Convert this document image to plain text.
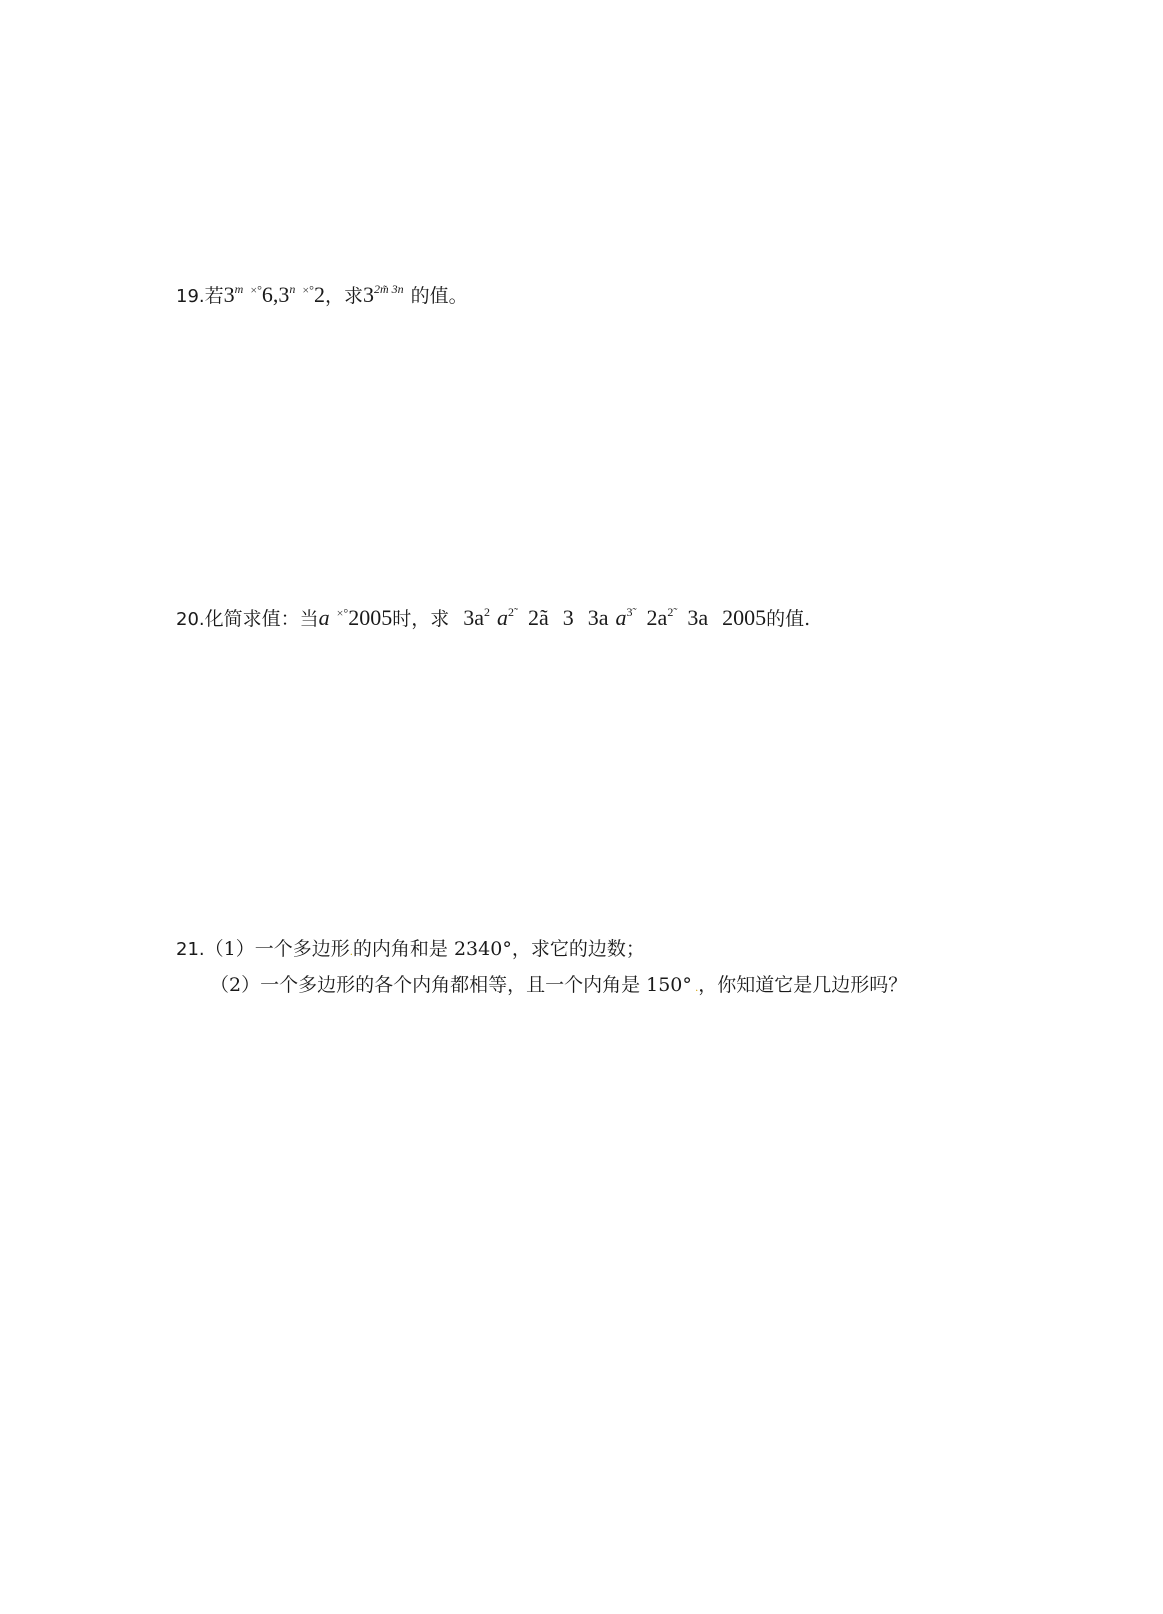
19.若3$^m$ ×°6,3$^n$ ×°2，求$3^{2m̃ 3n}$ 的值。
20.化简求值：当a ×°2005时，求 $3a^2$ $a^{2̃}$ 2ã 3 3a $a^{3̃}$ $2a^{2̃}$ 3a 2005的值.
21.（1）一个多边形.的内角和是 2340°，求它的边数；
（2）一个多边形的各个内角都相等，且一个内角是 150° .，你知道它是几边形吗？
